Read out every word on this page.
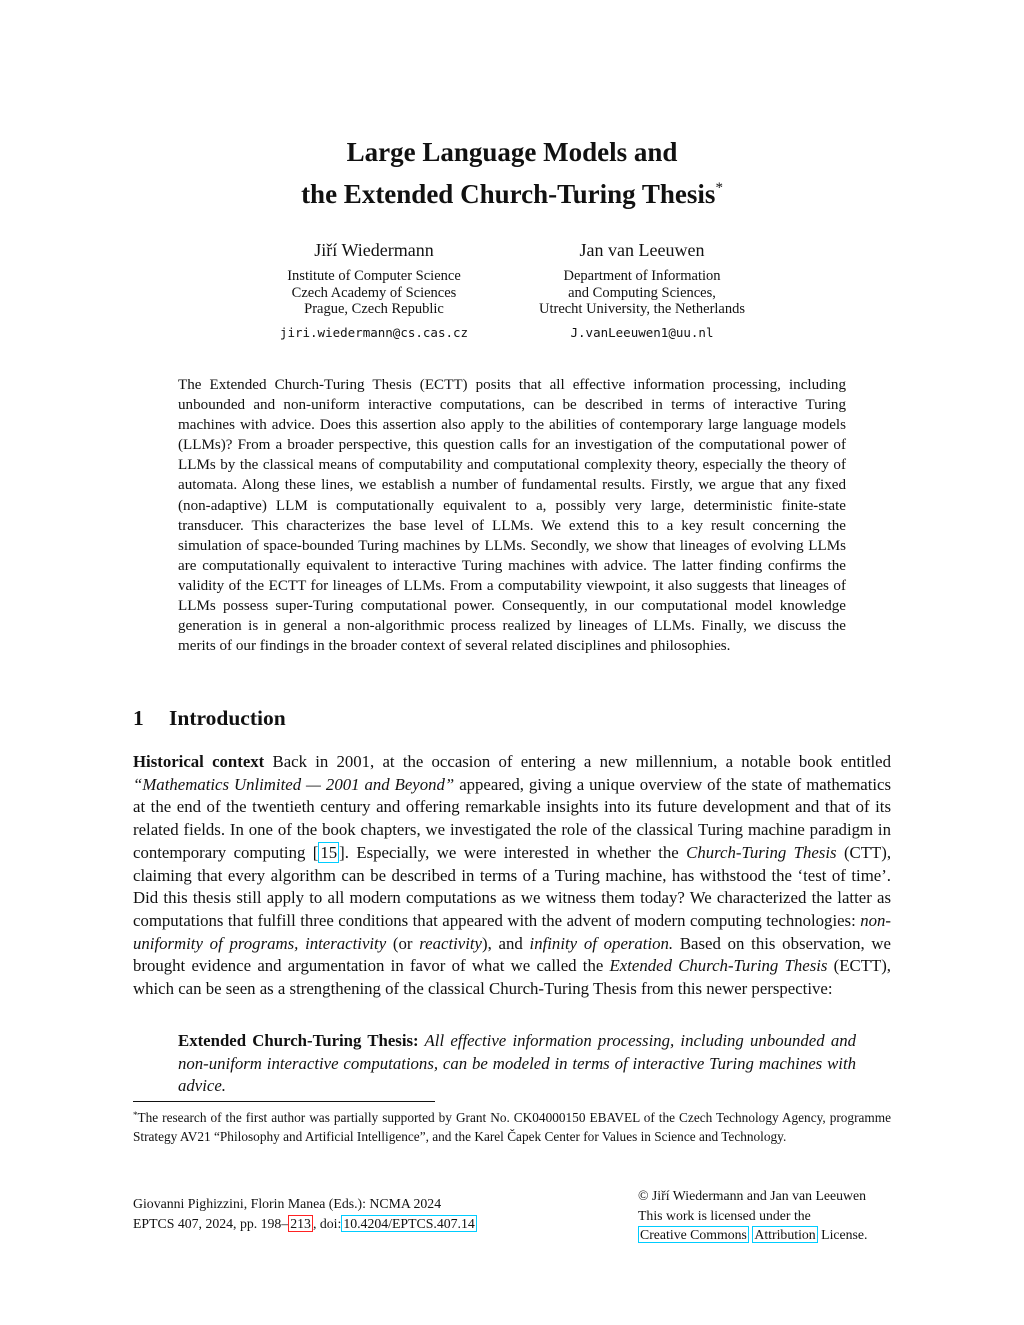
Large Language Models and
the Extended Church-Turing Thesis*
Jiří Wiedermann
Institute of Computer Science
Czech Academy of Sciences
Prague, Czech Republic
jiri.wiedermann@cs.cas.cz
Jan van Leeuwen
Department of Information
and Computing Sciences,
Utrecht University, the Netherlands
J.vanLeeuwen1@uu.nl

The Extended Church-Turing Thesis (ECTT) posits that all effective information processing, including unbounded and non-uniform interactive computations, can be described in terms of interactive Turing machines with advice. Does this assertion also apply to the abilities of contemporary large language models (LLMs)? From a broader perspective, this question calls for an investigation of the computational power of LLMs by the classical means of computability and computational complexity theory, especially the theory of automata. Along these lines, we establish a number of fundamental results. Firstly, we argue that any fixed (non-adaptive) LLM is computationally equivalent to a, possibly very large, deterministic finite-state transducer. This characterizes the base level of LLMs. We extend this to a key result concerning the simulation of space-bounded Turing machines by LLMs. Secondly, we show that lineages of evolving LLMs are computationally equivalent to interactive Turing machines with advice. The latter finding confirms the validity of the ECTT for lineages of LLMs. From a computability viewpoint, it also suggests that lineages of LLMs possess super-Turing computational power. Consequently, in our computational model knowledge generation is in general a non-algorithmic process realized by lineages of LLMs. Finally, we discuss the merits of our findings in the broader context of several related disciplines and philosophies.

1 Introduction

Historical context Back in 2001, at the occasion of entering a new millennium, a notable book entitled “Mathematics Unlimited — 2001 and Beyond” appeared, giving a unique overview of the state of mathematics at the end of the twentieth century and offering remarkable insights into its future development and that of its related fields. In one of the book chapters, we investigated the role of the classical Turing machine paradigm in contemporary computing [ 15 ]. Especially, we were interested in whether the Church-Turing Thesis (CTT), claiming that every algorithm can be described in terms of a Turing machine, has withstood the ‘test of time’. Did this thesis still apply to all modern computations as we witness them today? We characterized the latter as computations that fulfill three conditions that appeared with the advent of modern computing technologies: non-uniformity of programs, interactivity (or reactivity), and infinity of operation. Based on this observation, we brought evidence and argumentation in favor of what we called the Extended Church-Turing Thesis (ECTT), which can be seen as a strengthening of the classical Church-Turing Thesis from this newer perspective:

Extended Church-Turing Thesis: All effective information processing, including unbounded and non-uniform interactive computations, can be modeled in terms of interactive Turing machines with advice.
*The research of the first author was partially supported by Grant No. CK04000150 EBAVEL of the Czech Technology Agency, programme Strategy AV21 “Philosophy and Artificial Intelligence”, and the Karel Čapek Center for Values in Science and Technology.
Giovanni Pighizzini, Florin Manea (Eds.): NCMA 2024
EPTCS 407, 2024, pp. 198– 213 , doi: 10.4204/EPTCS.407.14
© Jiří Wiedermann and Jan van Leeuwen
This work is licensed under the
Creative Commons Attribution License.
